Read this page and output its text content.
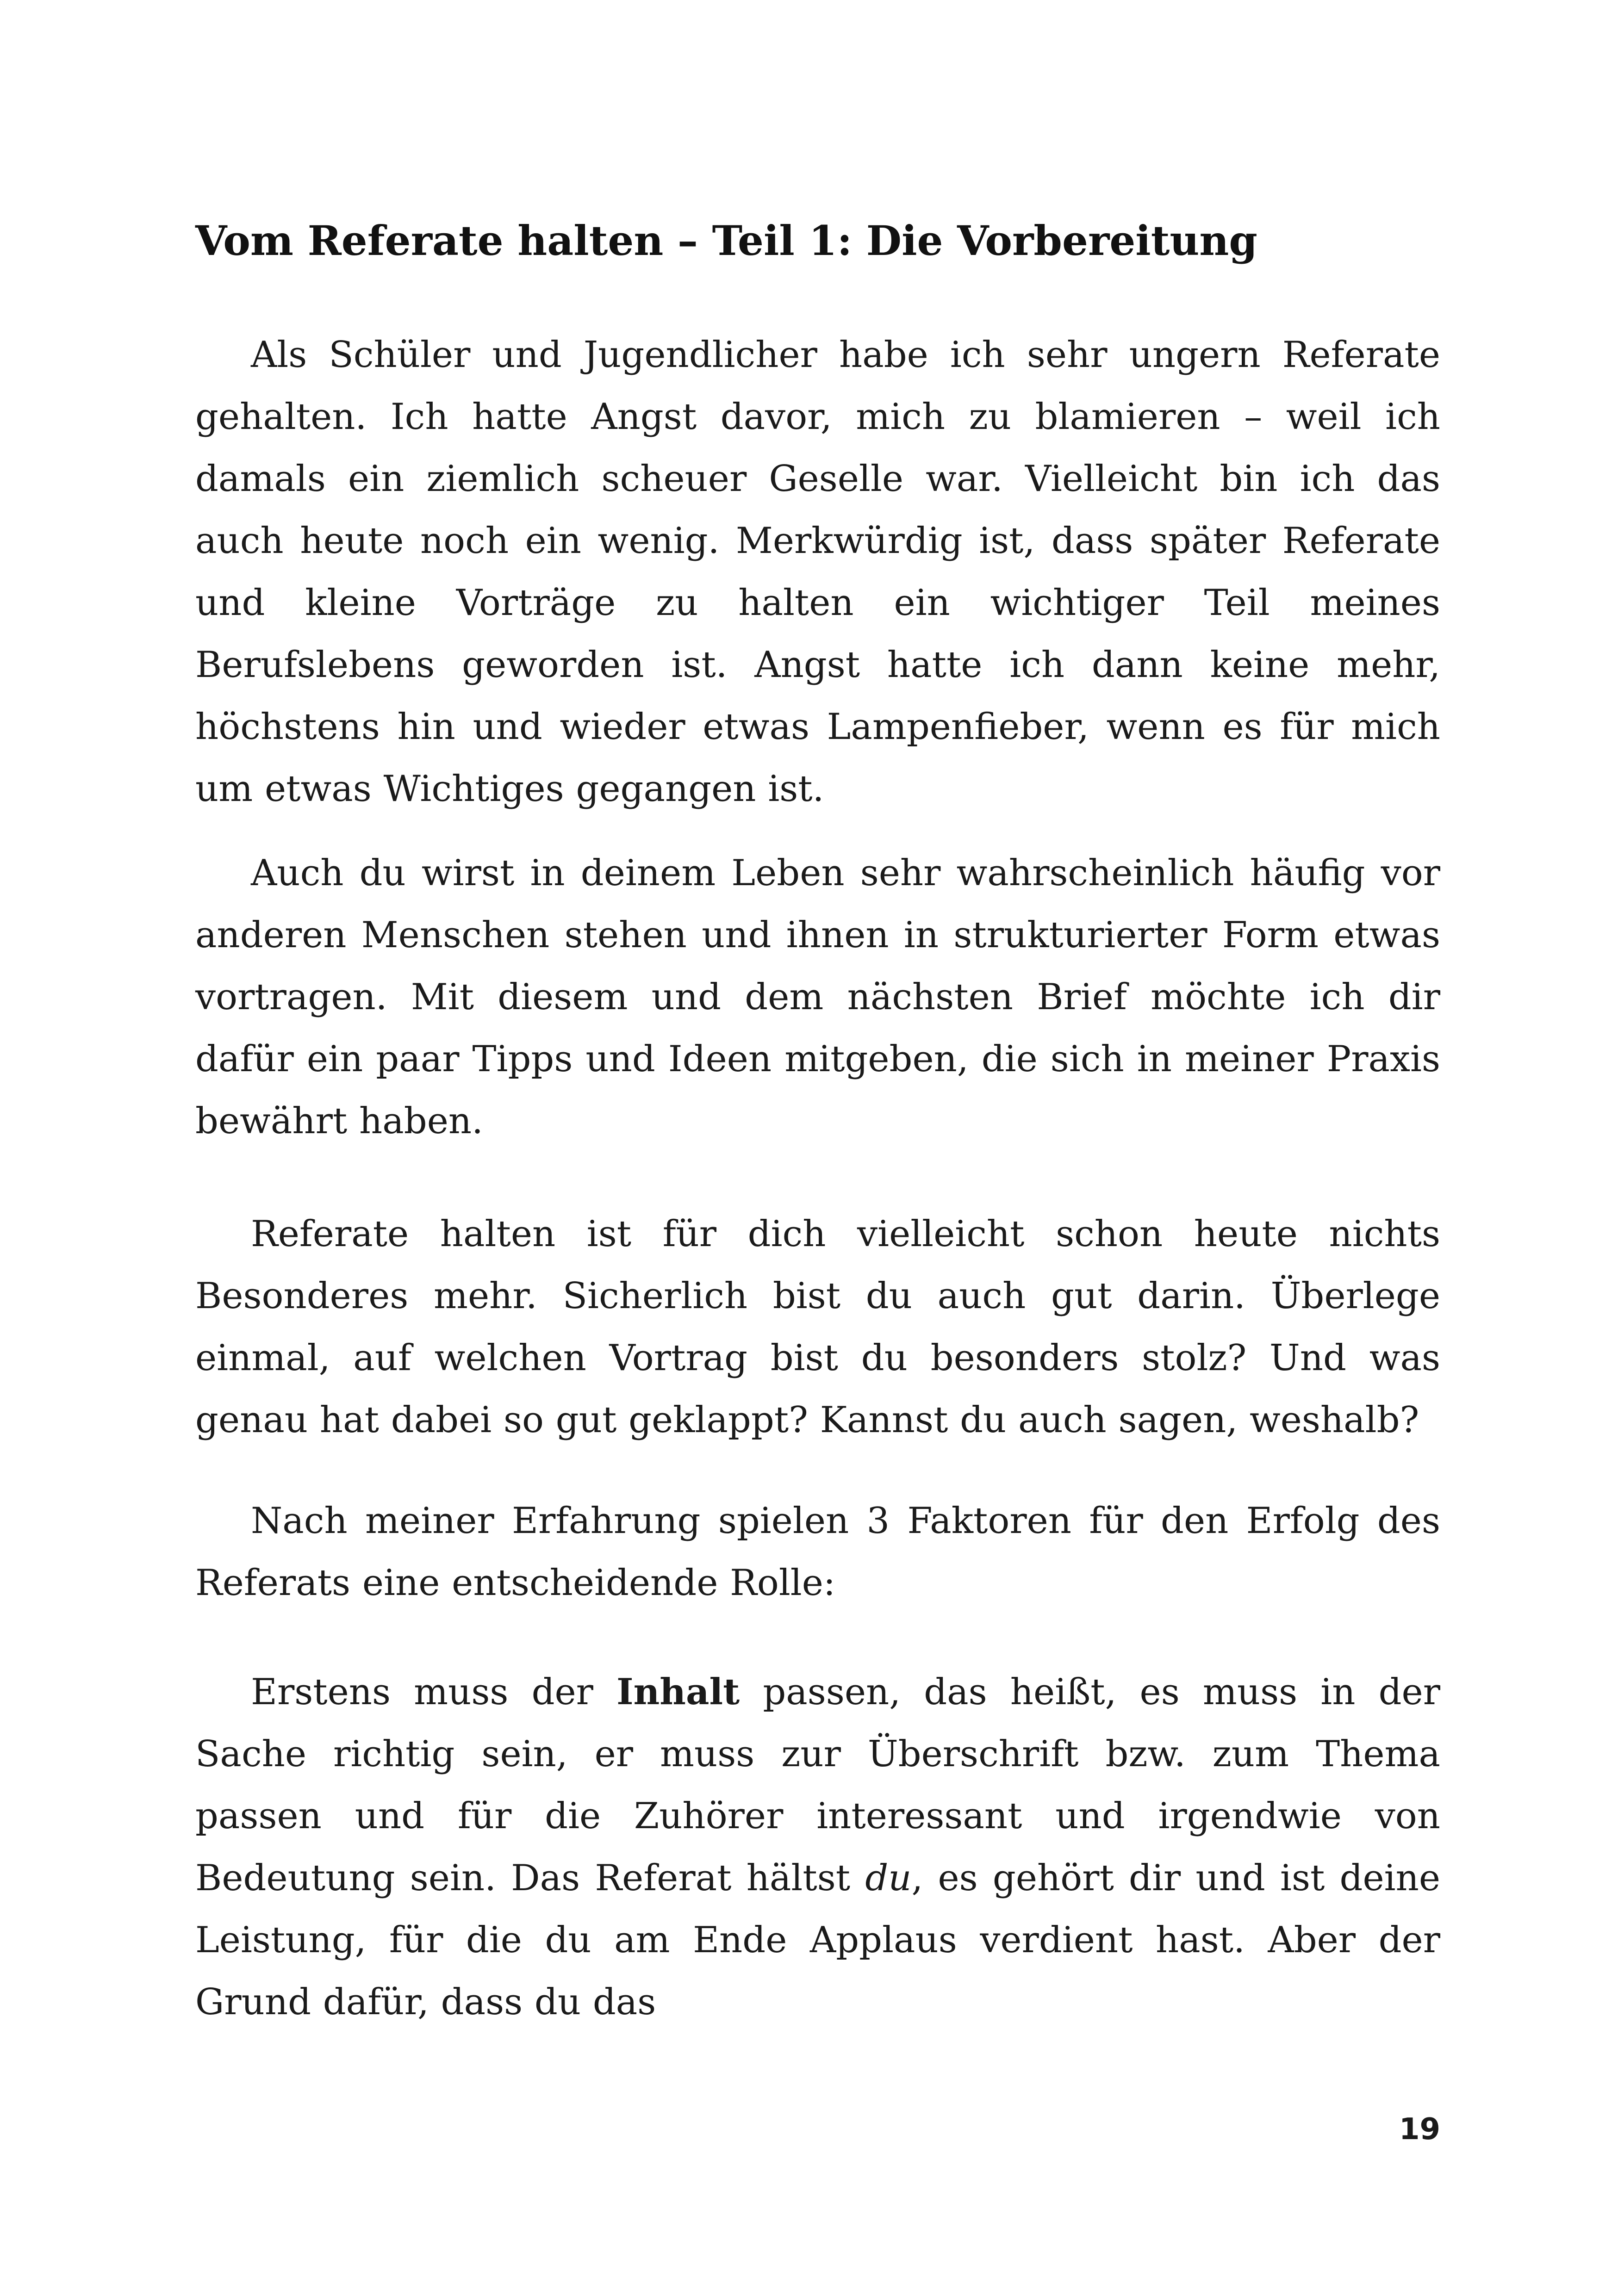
Vom Referate halten – Teil 1: Die Vorbereitung

Als Schüler und Jugendlicher habe ich sehr ungern Referate gehalten. Ich hatte Angst davor, mich zu blamieren – weil ich damals ein ziemlich scheuer Geselle war. Vielleicht bin ich das auch heute noch ein wenig. Merkwürdig ist, dass später Referate und kleine Vorträge zu halten ein wichtiger Teil meines Berufslebens geworden ist. Angst hatte ich dann keine mehr, höchstens hin und wieder etwas Lampenfieber, wenn es für mich um etwas Wichtiges gegangen ist.

Auch du wirst in deinem Leben sehr wahrscheinlich häufig vor anderen Menschen stehen und ihnen in strukturierter Form etwas vortragen. Mit diesem und dem nächsten Brief möchte ich dir dafür ein paar Tipps und Ideen mitgeben, die sich in meiner Praxis bewährt haben.

Referate halten ist für dich vielleicht schon heute nichts Besonderes mehr. Sicherlich bist du auch gut darin. Überlege einmal, auf welchen Vortrag bist du besonders stolz? Und was genau hat dabei so gut geklappt? Kannst du auch sagen, weshalb?

Nach meiner Erfahrung spielen 3 Faktoren für den Erfolg des Referats eine entscheidende Rolle:

Erstens muss der Inhalt passen, das heißt, es muss in der Sache richtig sein, er muss zur Überschrift bzw. zum Thema passen und für die Zuhörer interessant und irgendwie von Bedeutung sein. Das Referat hältst du, es gehört dir und ist deine Leistung, für die du am Ende Applaus verdient hast. Aber der Grund dafür, dass du das

19
